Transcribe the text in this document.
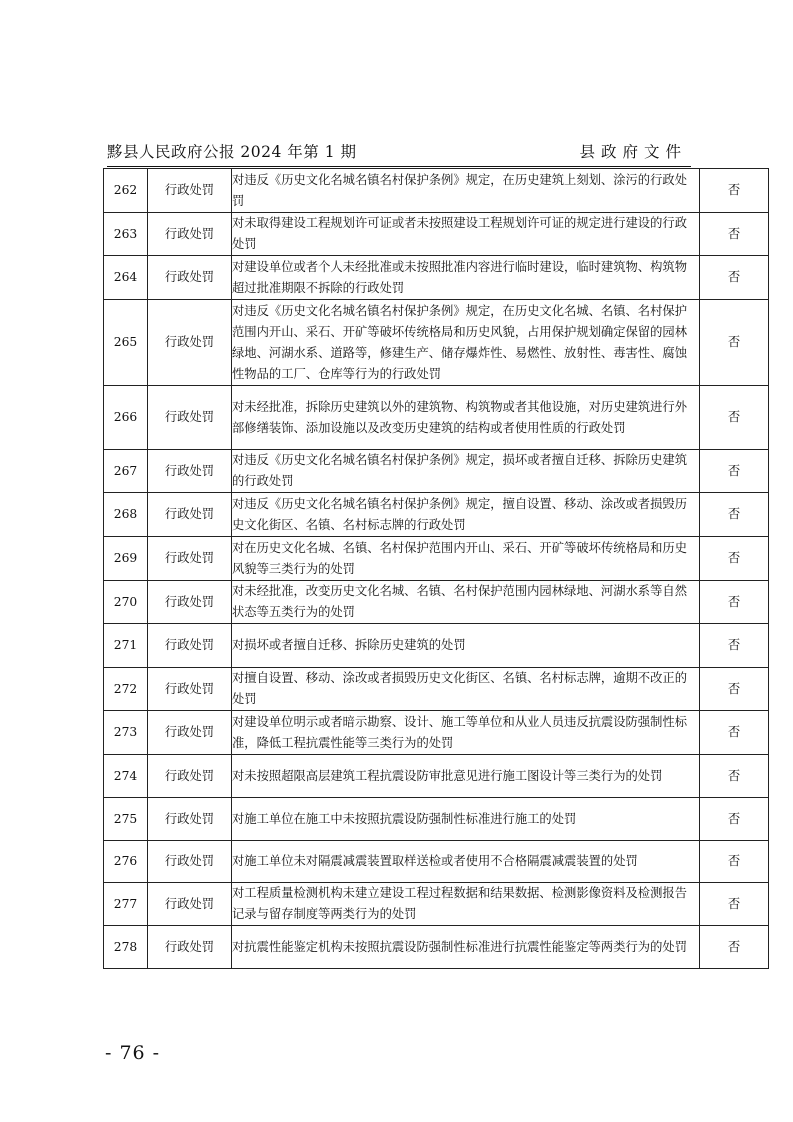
黟县人民政府公报 2024 年第 1 期	县政府文件
262	行政处罚	对违反《历史文化名城名镇名村保护条例》规定，在历史建筑上刻划、涂污的行政处罚	否
263	行政处罚	对未取得建设工程规划许可证或者未按照建设工程规划许可证的规定进行建设的行政处罚	否
264	行政处罚	对建设单位或者个人未经批准或未按照批准内容进行临时建设，临时建筑物、构筑物超过批准期限不拆除的行政处罚	否
265	行政处罚	对违反《历史文化名城名镇名村保护条例》规定，在历史文化名城、名镇、名村保护范围内开山、采石、开矿等破坏传统格局和历史风貌，占用保护规划确定保留的园林绿地、河湖水系、道路等，修建生产、储存爆炸性、易燃性、放射性、毒害性、腐蚀性物品的工厂、仓库等行为的行政处罚	否
266	行政处罚	对未经批准，拆除历史建筑以外的建筑物、构筑物或者其他设施，对历史建筑进行外部修缮装饰、添加设施以及改变历史建筑的结构或者使用性质的行政处罚	否
267	行政处罚	对违反《历史文化名城名镇名村保护条例》规定，损坏或者擅自迁移、拆除历史建筑的行政处罚	否
268	行政处罚	对违反《历史文化名城名镇名村保护条例》规定，擅自设置、移动、涂改或者损毁历史文化街区、名镇、名村标志牌的行政处罚	否
269	行政处罚	对在历史文化名城、名镇、名村保护范围内开山、采石、开矿等破坏传统格局和历史风貌等三类行为的处罚	否
270	行政处罚	对未经批准，改变历史文化名城、名镇、名村保护范围内园林绿地、河湖水系等自然状态等五类行为的处罚	否
271	行政处罚	对损坏或者擅自迁移、拆除历史建筑的处罚	否
272	行政处罚	对擅自设置、移动、涂改或者损毁历史文化街区、名镇、名村标志牌，逾期不改正的处罚	否
273	行政处罚	对建设单位明示或者暗示勘察、设计、施工等单位和从业人员违反抗震设防强制性标准，降低工程抗震性能等三类行为的处罚	否
274	行政处罚	对未按照超限高层建筑工程抗震设防审批意见进行施工图设计等三类行为的处罚	否
275	行政处罚	对施工单位在施工中未按照抗震设防强制性标准进行施工的处罚	否
276	行政处罚	对施工单位未对隔震减震装置取样送检或者使用不合格隔震减震装置的处罚	否
277	行政处罚	对工程质量检测机构未建立建设工程过程数据和结果数据、检测影像资料及检测报告记录与留存制度等两类行为的处罚	否
278	行政处罚	对抗震性能鉴定机构未按照抗震设防强制性标准进行抗震性能鉴定等两类行为的处罚	否
- 76 -
